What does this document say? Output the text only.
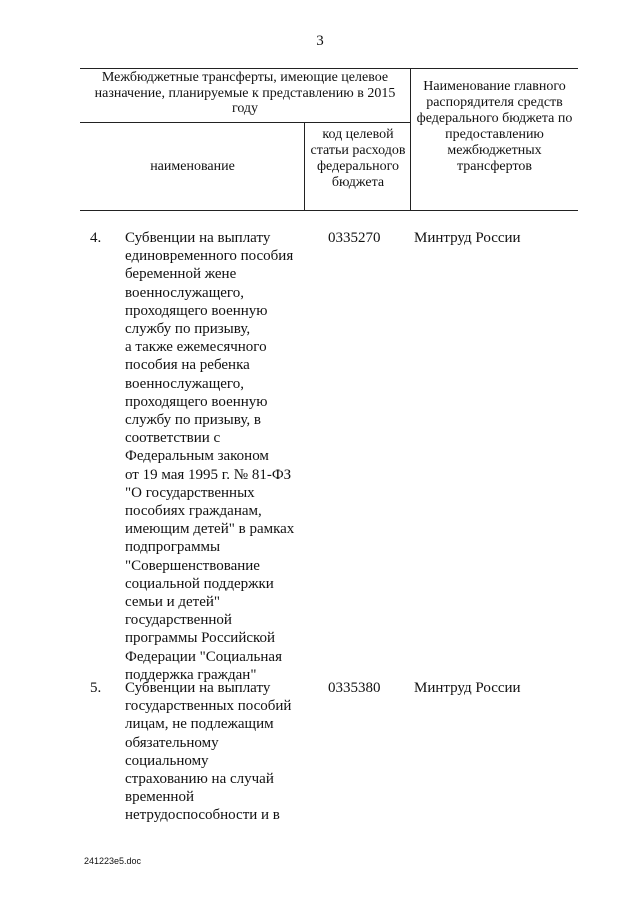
3
Межбюджетные трансферты, имеющие целевое назначение, планируемые к представлению в 2015 году
Наименование главного распорядителя средств федерального бюджета по предоставлению межбюджетных трансфертов
код целевой статьи расходов федерального бюджета
наименование
4. Субвенции на выплату
единовременного пособия
беременной жене
военнослужащего,
проходящего военную
службу по призыву,
а также ежемесячного
пособия на ребенка
военнослужащего,
проходящего военную
службу по призыву, в
соответствии с
Федеральным законом
от 19 мая 1995 г. № 81-ФЗ
"О государственных
пособиях гражданам,
имеющим детей" в рамках
подпрограммы
"Совершенствование
социальной поддержки
семьи и детей"
государственной
программы Российской
Федерации "Социальная
поддержка граждан"
0335270 Минтруд России
5. Субвенции на выплату
государственных пособий
лицам, не подлежащим
обязательному
социальному
страхованию на случай
временной
нетрудоспособности и в
0335380 Минтруд России
241223e5.doc
